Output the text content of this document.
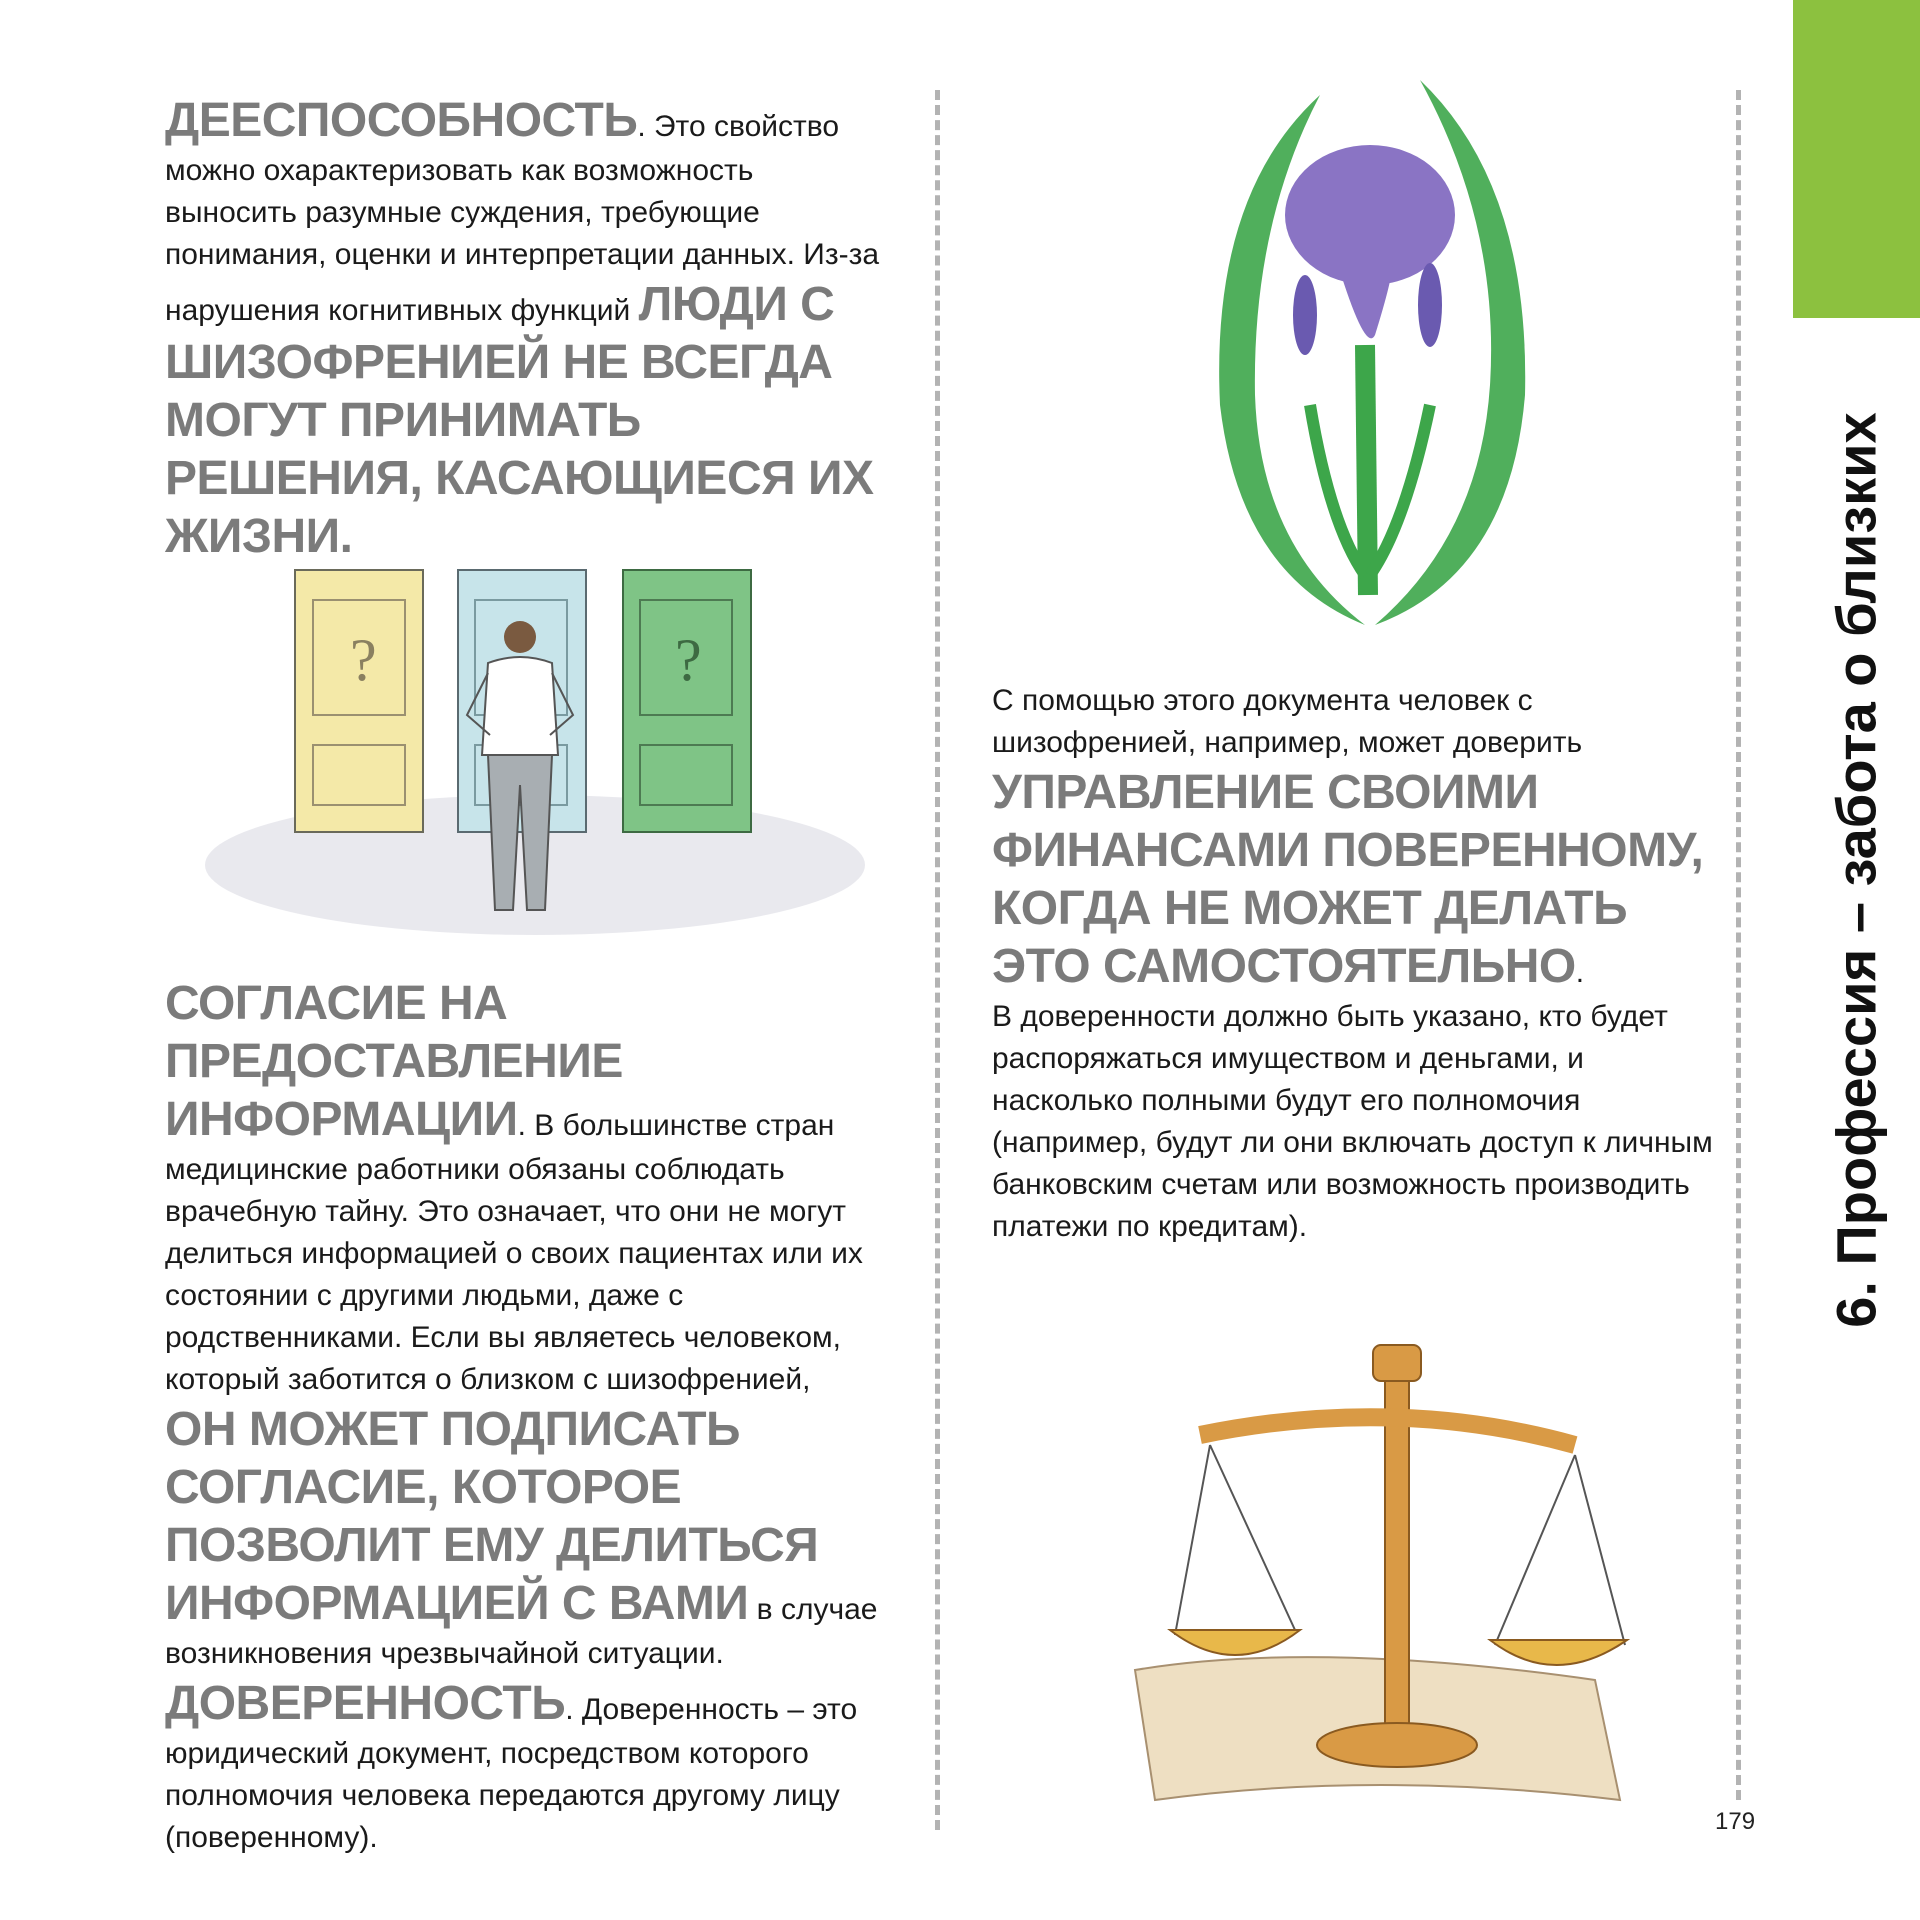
ДЕЕСПОСОБНОСТЬ. Это свойство можно охарактеризовать как возможность выносить разумные суждения, требующие понимания, оценки и интерпретации данных. Из-за нарушения когнитивных функций ЛЮДИ С ШИЗОФРЕНИЕЙ НЕ ВСЕГДА МОГУТ ПРИНИМАТЬ РЕШЕНИЯ, КАСАЮЩИЕСЯ ИХ ЖИЗНИ.

?	?

СОГЛАСИЕ НА ПРЕДОСТАВЛЕНИЕ ИНФОРМАЦИИ. В большинстве стран медицинские работники обязаны соблюдать врачебную тайну. Это означает, что они не могут делиться информацией о своих пациентах или их состоянии с другими людьми, даже с родственниками. Если вы являетесь человеком, который заботится о близком с шизофренией, ОН МОЖЕТ ПОДПИСАТЬ СОГЛАСИЕ, КОТОРОЕ ПОЗВОЛИТ ЕМУ ДЕЛИТЬСЯ ИНФОРМАЦИЕЙ С ВАМИ в случае возникновения чрезвычайной ситуации.

ДОВЕРЕННОСТЬ. Доверенность – это юридический документ, посредством которого полномочия человека передаются другому лицу (поверенному).

С помощью этого документа человек с шизофренией, например, может доверить УПРАВЛЕНИЕ СВОИМИ ФИНАНСАМИ ПОВЕРЕННОМУ, КОГДА НЕ МОЖЕТ ДЕЛАТЬ ЭТО САМОСТОЯТЕЛЬНО.

В доверенности должно быть указано, кто будет распоряжаться имуществом и деньгами, и насколько полными будут его полномочия (например, будут ли они включать доступ к личным банковским счетам или возможность производить платежи по кредитам).	6. Профессия – забота о близких
179
